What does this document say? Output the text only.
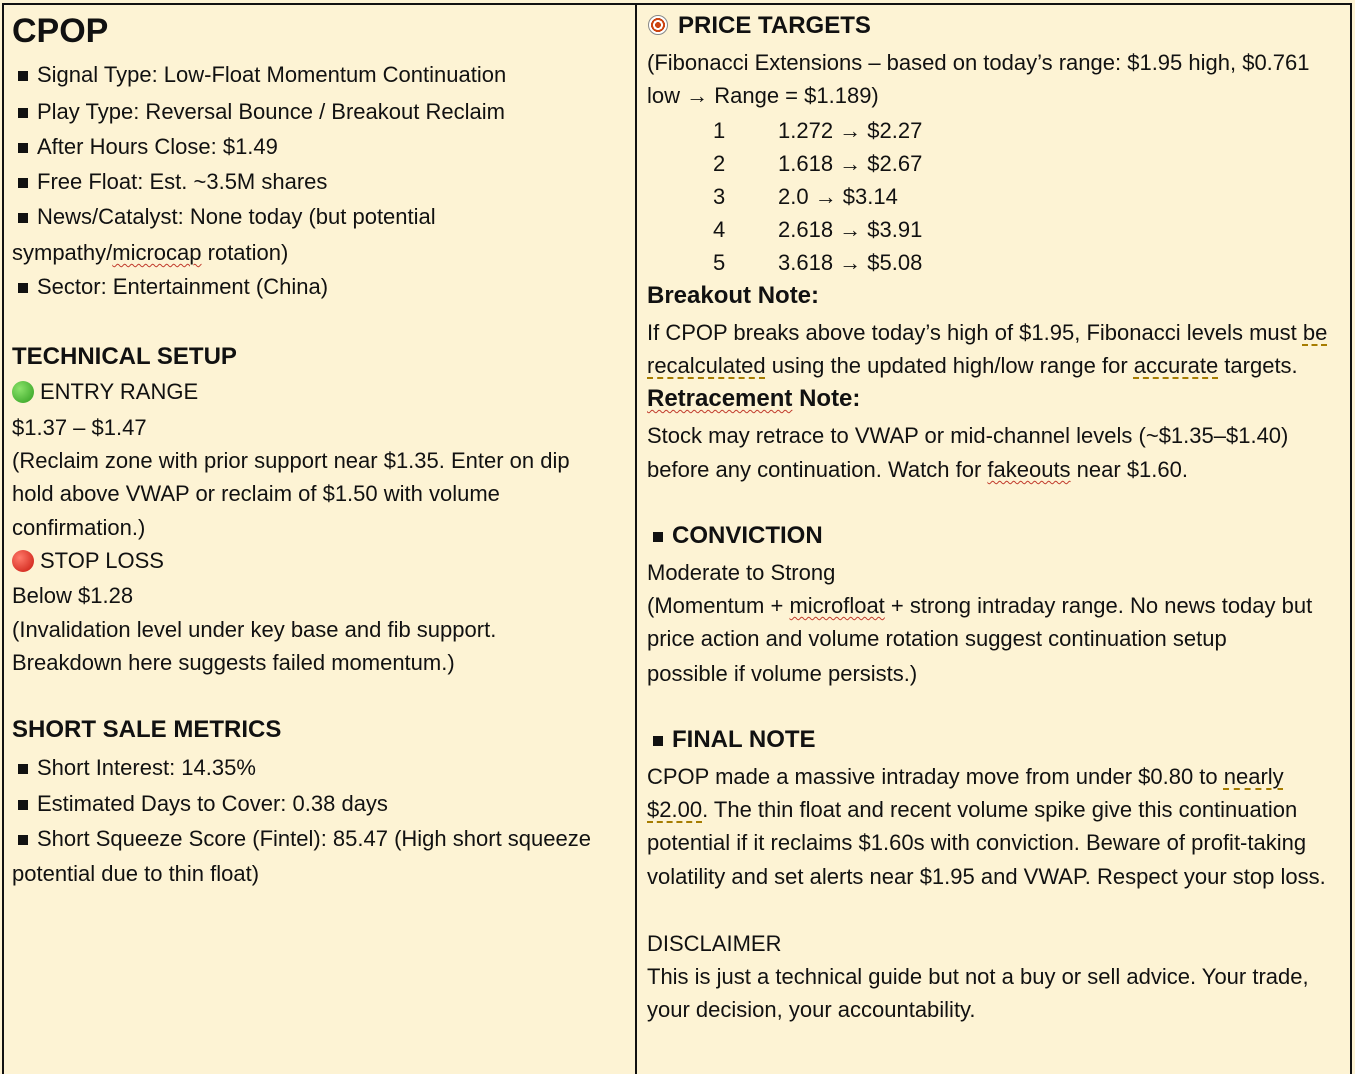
CPOP
Signal Type: Low-Float Momentum Continuation
Play Type: Reversal Bounce / Breakout Reclaim
After Hours Close: $1.49
Free Float: Est. ~3.5M shares
News/Catalyst: None today (but potential
sympathy/microcap rotation)
Sector: Entertainment (China)
TECHNICAL SETUP
ENTRY RANGE
$1.37 – $1.47
(Reclaim zone with prior support near $1.35. Enter on dip
hold above VWAP or reclaim of $1.50 with volume
confirmation.)
STOP LOSS
Below $1.28
(Invalidation level under key base and fib support.
Breakdown here suggests failed momentum.)
SHORT SALE METRICS
Short Interest: 14.35%
Estimated Days to Cover: 0.38 days
Short Squeeze Score (Fintel): 85.47 (High short squeeze
potential due to thin float)
PRICE TARGETS
(Fibonacci Extensions – based on today’s range: $1.95 high, $0.761
low → Range = $1.189)
1 1.272 → $2.27
2 1.618 → $2.67
3 2.0 → $3.14
4 2.618 → $3.91
5 3.618 → $5.08
Breakout Note:
If CPOP breaks above today’s high of $1.95, Fibonacci levels must be
recalculated using the updated high/low range for accurate targets.
Retracement Note:
Stock may retrace to VWAP or mid-channel levels (~$1.35–$1.40)
before any continuation. Watch for fakeouts near $1.60.
CONVICTION
Moderate to Strong
(Momentum + microfloat + strong intraday range. No news today but
price action and volume rotation suggest continuation setup
possible if volume persists.)
FINAL NOTE
CPOP made a massive intraday move from under $0.80 to nearly
$2.00. The thin float and recent volume spike give this continuation
potential if it reclaims $1.60s with conviction. Beware of profit-taking
volatility and set alerts near $1.95 and VWAP. Respect your stop loss.
DISCLAIMER
This is just a technical guide but not a buy or sell advice. Your trade,
your decision, your accountability.
